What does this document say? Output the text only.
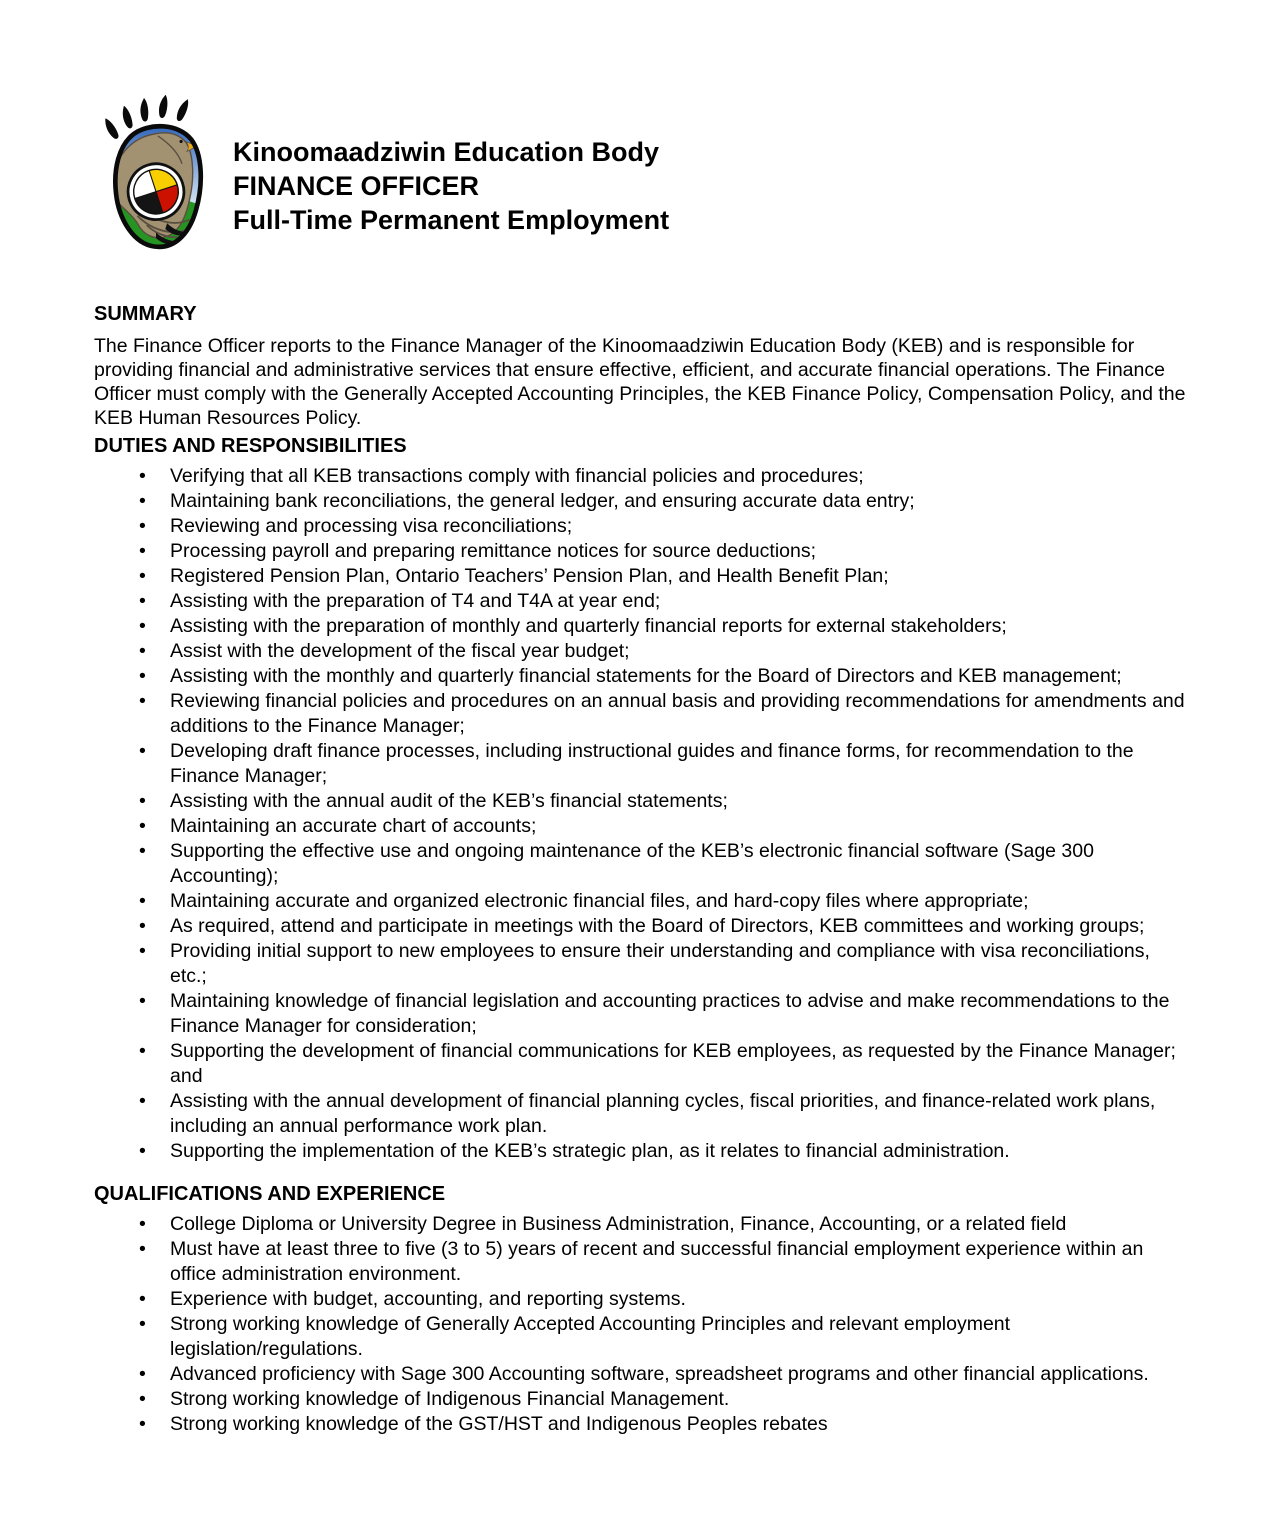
Kinoomaadziwin Education Body
FINANCE OFFICER
Full-Time Permanent Employment
SUMMARY

The Finance Officer reports to the Finance Manager of the Kinoomaadziwin Education Body (KEB) and is responsible for providing financial and administrative services that ensure effective, efficient, and accurate financial operations. The Finance Officer must comply with the Generally Accepted Accounting Principles, the KEB Finance Policy, Compensation Policy, and the KEB Human Resources Policy.

DUTIES AND RESPONSIBILITIES
• Verifying that all KEB transactions comply with financial policies and procedures;
• Maintaining bank reconciliations, the general ledger, and ensuring accurate data entry;
• Reviewing and processing visa reconciliations;
• Processing payroll and preparing remittance notices for source deductions;
• Registered Pension Plan, Ontario Teachers’ Pension Plan, and Health Benefit Plan;
• Assisting with the preparation of T4 and T4A at year end;
• Assisting with the preparation of monthly and quarterly financial reports for external stakeholders;
• Assist with the development of the fiscal year budget;
• Assisting with the monthly and quarterly financial statements for the Board of Directors and KEB management;
• Reviewing financial policies and procedures on an annual basis and providing recommendations for amendments and additions to the Finance Manager;
• Developing draft finance processes, including instructional guides and finance forms, for recommendation to the Finance Manager;
• Assisting with the annual audit of the KEB’s financial statements;
• Maintaining an accurate chart of accounts;
• Supporting the effective use and ongoing maintenance of the KEB’s electronic financial software (Sage 300 Accounting);
• Maintaining accurate and organized electronic financial files, and hard-copy files where appropriate;
• As required, attend and participate in meetings with the Board of Directors, KEB committees and working groups;
• Providing initial support to new employees to ensure their understanding and compliance with visa reconciliations, etc.;
• Maintaining knowledge of financial legislation and accounting practices to advise and make recommendations to the Finance Manager for consideration;
• Supporting the development of financial communications for KEB employees, as requested by the Finance Manager; and
• Assisting with the annual development of financial planning cycles, fiscal priorities, and finance-related work plans, including an annual performance work plan.
• Supporting the implementation of the KEB’s strategic plan, as it relates to financial administration.
QUALIFICATIONS AND EXPERIENCE
• College Diploma or University Degree in Business Administration, Finance, Accounting, or a related field
• Must have at least three to five (3 to 5) years of recent and successful financial employment experience within an office administration environment.
• Experience with budget, accounting, and reporting systems.
• Strong working knowledge of Generally Accepted Accounting Principles and relevant employment legislation/regulations.
• Advanced proficiency with Sage 300 Accounting software, spreadsheet programs and other financial applications.
• Strong working knowledge of Indigenous Financial Management.
• Strong working knowledge of the GST/HST and Indigenous Peoples rebates
